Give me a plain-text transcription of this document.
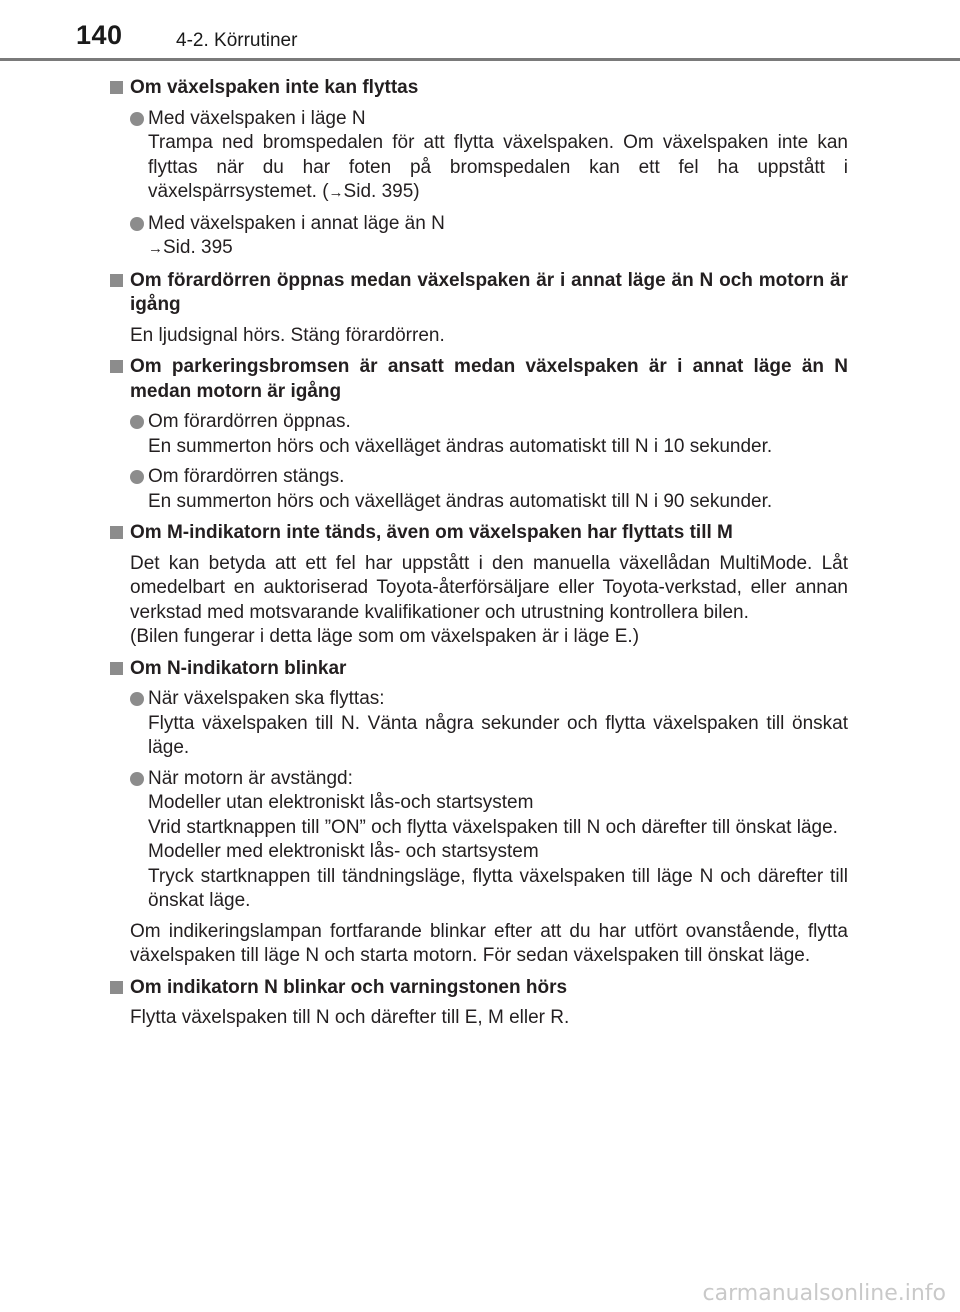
140	4-2. Körrutiner
Om växelspaken inte kan flyttas
Med växelspaken i läge N
Trampa ned bromspedalen för att flytta växelspaken. Om växelspaken inte kan flyttas när du har foten på bromspedalen kan ett fel ha uppstått i växelspärrsystemet. (→Sid. 395)
Med växelspaken i annat läge än N
→Sid. 395
Om förardörren öppnas medan växelspaken är i annat läge än N och motorn är igång
En ljudsignal hörs. Stäng förardörren.
Om parkeringsbromsen är ansatt medan växelspaken är i annat läge än N medan motorn är igång
Om förardörren öppnas.
En summerton hörs och växelläget ändras automatiskt till N i 10 sekunder.
Om förardörren stängs.
En summerton hörs och växelläget ändras automatiskt till N i 90 sekunder.
Om M-indikatorn inte tänds, även om växelspaken har flyttats till M
Det kan betyda att ett fel har uppstått i den manuella växellådan MultiMode. Låt omedelbart en auktoriserad Toyota-återförsäljare eller Toyota-verkstad, eller annan verkstad med motsvarande kvalifikationer och utrustning kontrollera bilen.
(Bilen fungerar i detta läge som om växelspaken är i läge E.)
Om N-indikatorn blinkar
När växelspaken ska flyttas:
Flytta växelspaken till N. Vänta några sekunder och flytta växelspaken till önskat läge.
När motorn är avstängd:
Modeller utan elektroniskt lås-och startsystem
Vrid startknappen till ”ON” och flytta växelspaken till N och därefter till önskat läge.
Modeller med elektroniskt lås- och startsystem
Tryck startknappen till tändningsläge, flytta växelspaken till läge N och därefter till önskat läge.
Om indikeringslampan fortfarande blinkar efter att du har utfört ovanstående, flytta växelspaken till läge N och starta motorn. För sedan växelspaken till önskat läge.
Om indikatorn N blinkar och varningstonen hörs
Flytta växelspaken till N och därefter till E, M eller R.
carmanualsonline.info
